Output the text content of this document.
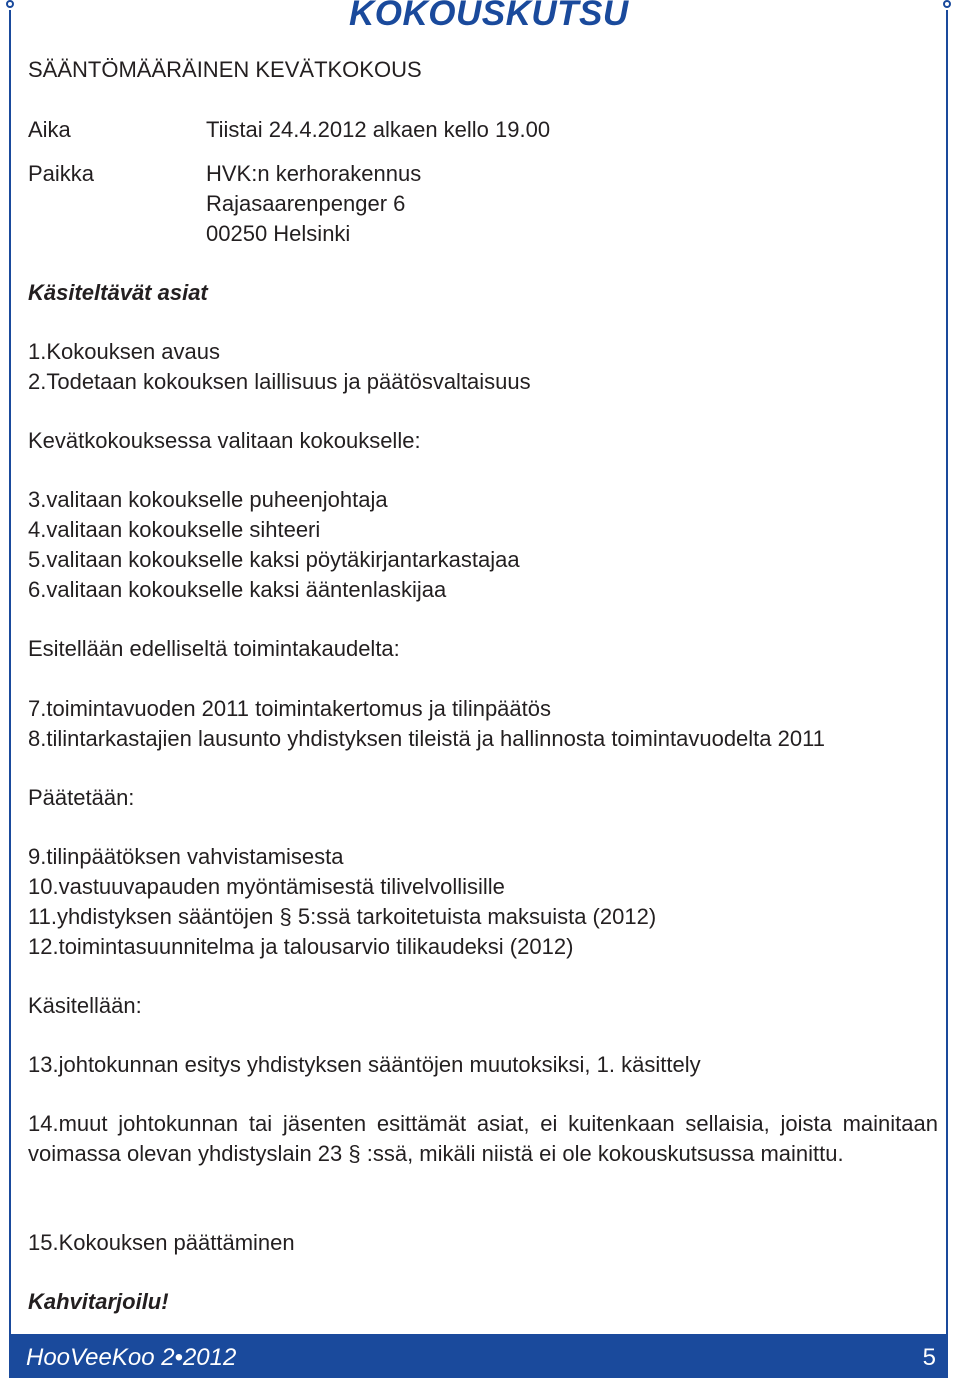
KOKOUSKUTSU
SÄÄNTÖMÄÄRÄINEN KEVÄTKOKOUS
Aika	Tiistai 24.4.2012 alkaen kello 19.00
Paikka	HVK:n kerhorakennus
Rajasaarenpenger 6
00250 Helsinki
Käsiteltävät asiat
1.Kokouksen avaus
2.Todetaan kokouksen laillisuus ja päätösvaltaisuus
Kevätkokouksessa valitaan kokoukselle:
3.valitaan kokoukselle puheenjohtaja
4.valitaan kokoukselle sihteeri
5.valitaan kokoukselle kaksi pöytäkirjantarkastajaa
6.valitaan kokoukselle kaksi ääntenlaskijaa
Esitellään edelliseltä toimintakaudelta:
7.toimintavuoden 2011 toimintakertomus ja tilinpäätös
8.tilintarkastajien lausunto yhdistyksen tileistä ja hallinnosta toimintavuodelta 2011
Päätetään:
9.tilinpäätöksen vahvistamisesta
10.vastuuvapauden myöntämisestä tilivelvollisille
11.yhdistyksen sääntöjen § 5:ssä tarkoitetuista maksuista (2012)
12.toimintasuunnitelma ja talousarvio tilikaudeksi (2012)
Käsitellään:
13.johtokunnan esitys yhdistyksen sääntöjen muutoksiksi, 1. käsittely
14.muut johtokunnan tai jäsenten esittämät asiat, ei kuitenkaan sellaisia, joista mainitaan voimassa olevan yhdistyslain 23 § :ssä, mikäli niistä ei ole kokouskutsussa mainittu.
15.Kokouksen päättäminen
Kahvitarjoilu!
HooVeeKoo 2•2012	5
